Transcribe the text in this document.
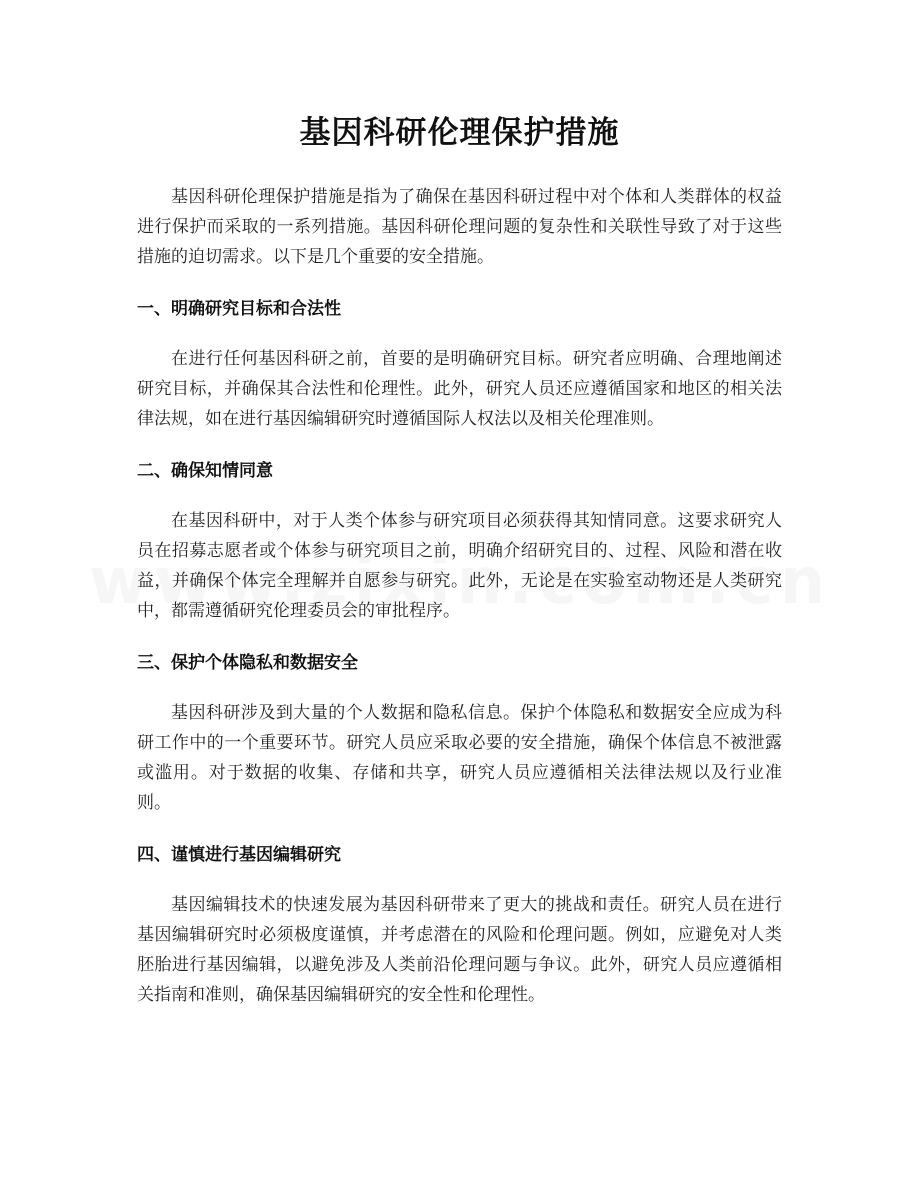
基因科研伦理保护措施

基因科研伦理保护措施是指为了确保在基因科研过程中对个体和人类群体的权益进行保护而采取的一系列措施。基因科研伦理问题的复杂性和关联性导致了对于这些措施的迫切需求。以下是几个重要的安全措施。

一、明确研究目标和合法性

在进行任何基因科研之前，首要的是明确研究目标。研究者应明确、合理地阐述研究目标，并确保其合法性和伦理性。此外，研究人员还应遵循国家和地区的相关法律法规，如在进行基因编辑研究时遵循国际人权法以及相关伦理准则。

二、确保知情同意

在基因科研中，对于人类个体参与研究项目必须获得其知情同意。这要求研究人员在招募志愿者或个体参与研究项目之前，明确介绍研究目的、过程、风险和潜在收益，并确保个体完全理解并自愿参与研究。此外，无论是在实验室动物还是人类研究中，都需遵循研究伦理委员会的审批程序。

三、保护个体隐私和数据安全

基因科研涉及到大量的个人数据和隐私信息。保护个体隐私和数据安全应成为科研工作中的一个重要环节。研究人员应采取必要的安全措施，确保个体信息不被泄露或滥用。对于数据的收集、存储和共享，研究人员应遵循相关法律法规以及行业准则。

四、谨慎进行基因编辑研究

基因编辑技术的快速发展为基因科研带来了更大的挑战和责任。研究人员在进行基因编辑研究时必须极度谨慎，并考虑潜在的风险和伦理问题。例如，应避免对人类胚胎进行基因编辑，以避免涉及人类前沿伦理问题与争议。此外，研究人员应遵循相关指南和准则，确保基因编辑研究的安全性和伦理性。
